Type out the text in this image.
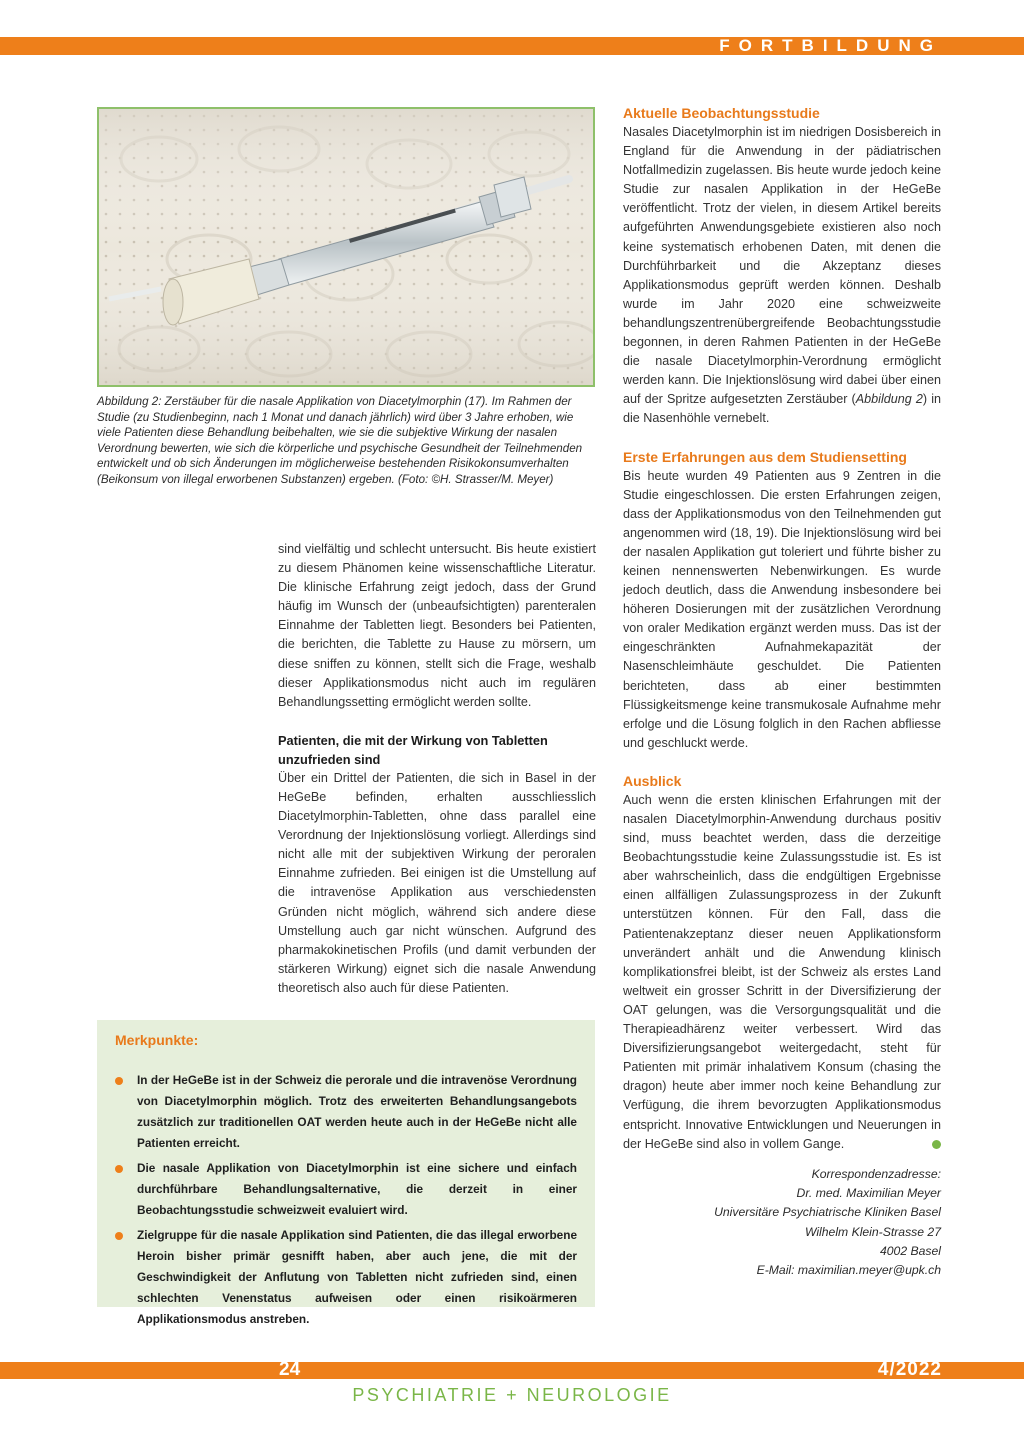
FORTBILDUNG
Abbildung 2: Zerstäuber für die nasale Applikation von Diacetylmorphin (17). Im Rahmen der Studie (zu Studienbeginn, nach 1 Monat und danach jährlich) wird über 3 Jahre erhoben, wie viele Patienten diese Behandlung beibehalten, wie sie die subjektive Wirkung der nasalen Verordnung bewerten, wie sich die körperliche und psychische Gesundheit der Teilnehmenden entwickelt und ob sich Änderungen im möglicherweise bestehenden Risikokonsumverhalten (Beikonsum von illegal erworbenen Substanzen) ergeben. (Foto: ©H. Strasser/M. Meyer)

sind vielfältig und schlecht untersucht. Bis heute existiert zu diesem Phänomen keine wissenschaftliche Literatur. Die klinische Erfahrung zeigt jedoch, dass der Grund häufig im Wunsch der (unbeaufsichtigten) parenteralen Einnahme der Tabletten liegt. Besonders bei Patienten, die berichten, die Tablette zu Hause zu mörsern, um diese sniffen zu können, stellt sich die Frage, weshalb dieser Applikationsmodus nicht auch im regulären Behandlungssetting ermöglicht werden sollte.

Patienten, die mit der Wirkung von Tabletten unzufrieden sind

Über ein Drittel der Patienten, die sich in Basel in der HeGeBe befinden, erhalten ausschliesslich Diacetylmorphin-Tabletten, ohne dass parallel eine Verordnung der Injektionslösung vorliegt. Allerdings sind nicht alle mit der subjektiven Wirkung der peroralen Einnahme zufrieden. Bei einigen ist die Umstellung auf die intravenöse Applikation aus verschiedensten Gründen nicht möglich, während sich andere diese Umstellung auch gar nicht wünschen. Aufgrund des pharmakokinetischen Profils (und damit verbunden der stärkeren Wirkung) eignet sich die nasale Anwendung theoretisch also auch für diese Patienten.

Aktuelle Beobachtungsstudie

Nasales Diacetylmorphin ist im niedrigen Dosisbereich in England für die Anwendung in der pädiatrischen Notfallmedizin zugelassen. Bis heute wurde jedoch keine Studie zur nasalen Applikation in der HeGeBe veröffentlicht. Trotz der vielen, in diesem Artikel bereits aufgeführten Anwendungsgebiete existieren also noch keine systematisch erhobenen Daten, mit denen die Durchführbarkeit und die Akzeptanz dieses Applikationsmodus geprüft werden können. Deshalb wurde im Jahr 2020 eine schweizweite behandlungszentrenübergreifende Beobachtungsstudie begonnen, in deren Rahmen Patienten in der HeGeBe die nasale Diacetylmorphin-Verordnung ermöglicht werden kann. Die Injektionslösung wird dabei über einen auf der Spritze aufgesetzten Zerstäuber (Abbildung 2) in die Nasenhöhle vernebelt.

Erste Erfahrungen aus dem Studiensetting

Bis heute wurden 49 Patienten aus 9 Zentren in die Studie eingeschlossen. Die ersten Erfahrungen zeigen, dass der Applikationsmodus von den Teilnehmenden gut angenommen wird (18, 19). Die Injektionslösung wird bei der nasalen Applikation gut toleriert und führte bisher zu keinen nennenswerten Nebenwirkungen. Es wurde jedoch deutlich, dass die Anwendung insbesondere bei höheren Dosierungen mit der zusätzlichen Verordnung von oraler Medikation ergänzt werden muss. Das ist der eingeschränkten Aufnahmekapazität der Nasenschleimhäute geschuldet. Die Patienten berichteten, dass ab einer bestimmten Flüssigkeitsmenge keine transmukosale Aufnahme mehr erfolge und die Lösung folglich in den Rachen abfliesse und geschluckt werde.

Ausblick

Auch wenn die ersten klinischen Erfahrungen mit der nasalen Diacetylmorphin-Anwendung durchaus positiv sind, muss beachtet werden, dass die derzeitige Beobachtungsstudie keine Zulassungsstudie ist. Es ist aber wahrscheinlich, dass die endgültigen Ergebnisse einen allfälligen Zulassungsprozess in der Zukunft unterstützen können. Für den Fall, dass die Patientenakzeptanz dieser neuen Applikationsform unverändert anhält und die Anwendung klinisch komplikationsfrei bleibt, ist der Schweiz als erstes Land weltweit ein grosser Schritt in der Diversifizierung der OAT gelungen, was die Versorgungsqualität und die Therapieadhärenz weiter verbessert. Wird das Diversifizierungsangebot weitergedacht, steht für Patienten mit primär inhalativem Konsum (chasing the dragon) heute aber immer noch keine Behandlung zur Verfügung, die ihrem bevorzugten Applikationsmodus entspricht. Innovative Entwicklungen und Neuerungen in der HeGeBe sind also in vollem Gange.

Merkpunkte:

In der HeGeBe ist in der Schweiz die perorale und die intravenöse Verordnung von Diacetylmorphin möglich. Trotz des erweiterten Behandlungsangebots zusätzlich zur traditionellen OAT werden heute auch in der HeGeBe nicht alle Patienten erreicht.
Die nasale Applikation von Diacetylmorphin ist eine sichere und einfach durchführbare Behandlungsalternative, die derzeit in einer Beobachtungsstudie schweizweit evaluiert wird.
Zielgruppe für die nasale Applikation sind Patienten, die das illegal erworbene Heroin bisher primär gesnifft haben, aber auch jene, die mit der Geschwindigkeit der Anflutung von Tabletten nicht zufrieden sind, einen schlechten Venenstatus aufweisen oder einen risikoärmeren Applikationsmodus anstreben.
Korrespondenzadresse:
Dr. med. Maximilian Meyer
Universitäre Psychiatrische Kliniken Basel
Wilhelm Klein-Strasse 27
4002 Basel
E-Mail: maximilian.meyer@upk.ch
24	4/2022
PSYCHIATRIE + NEUROLOGIE
